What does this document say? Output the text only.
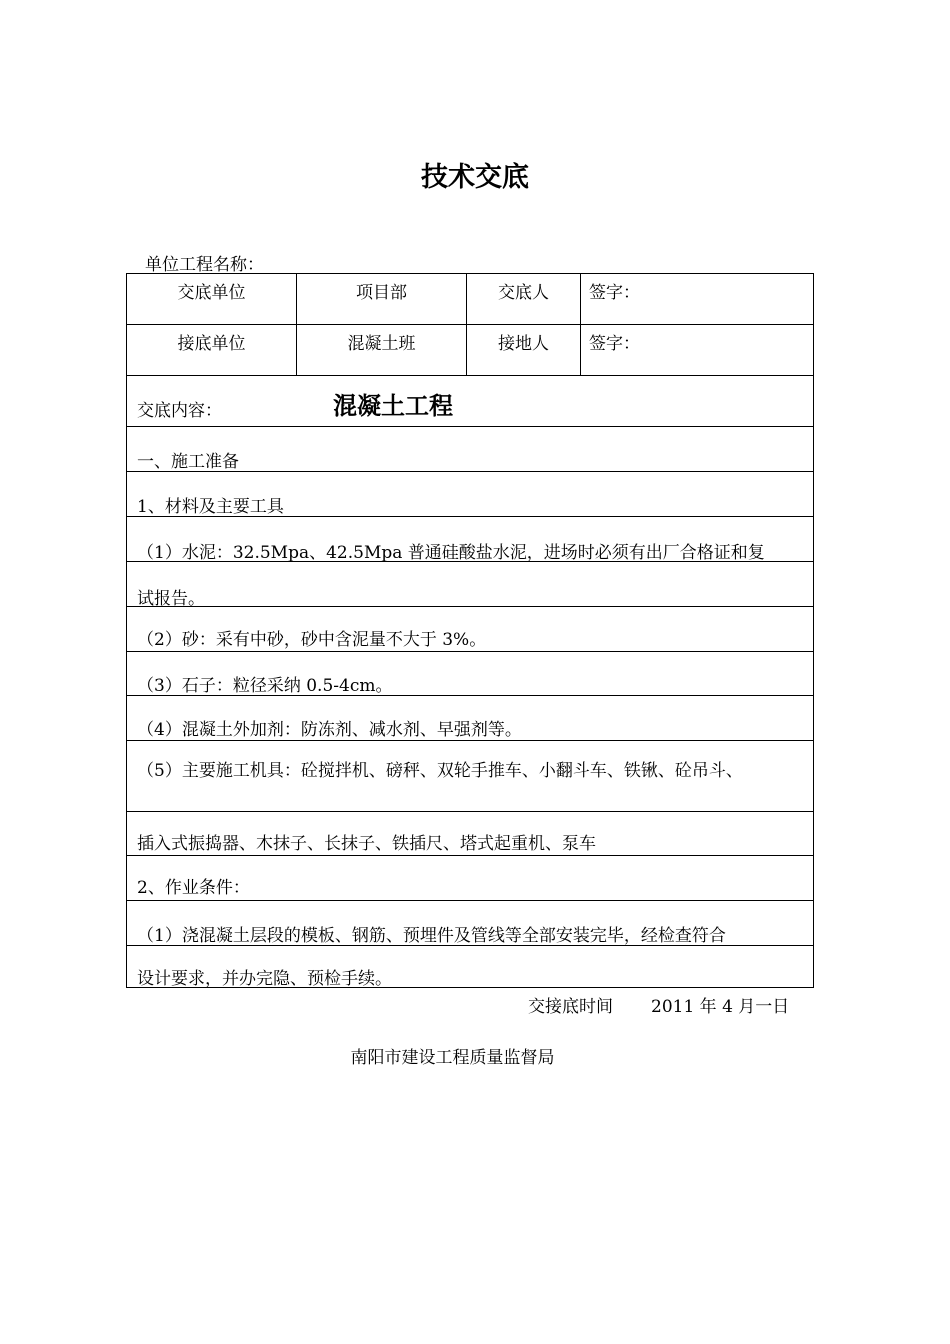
技术交底
单位工程名称：
交底单位	项目部	交底人	签字：
接底单位	混凝土班	接地人	签字：
交底内容：	混凝土工程
一、施工准备
1、材料及主要工具
（1）水泥：32.5Mpa、42.5Mpa 普通硅酸盐水泥，进场时必须有出厂合格证和复
试报告。
（2）砂：采有中砂，砂中含泥量不大于 3%。
（3）石子：粒径采纳 0.5-4cm。
（4）混凝土外加剂：防冻剂、减水剂、早强剂等。
（5）主要施工机具：砼搅拌机、磅秤、双轮手推车、小翻斗车、铁锹、砼吊斗、
插入式振捣器、木抹子、长抹子、铁插尺、塔式起重机、泵车
2、作业条件：
（1）浇混凝土层段的模板、钢筋、预埋件及管线等全部安装完毕，经检查符合
设计要求，并办完隐、预检手续。
交接底时间 2011 年 4 月一日
南阳市建设工程质量监督局
